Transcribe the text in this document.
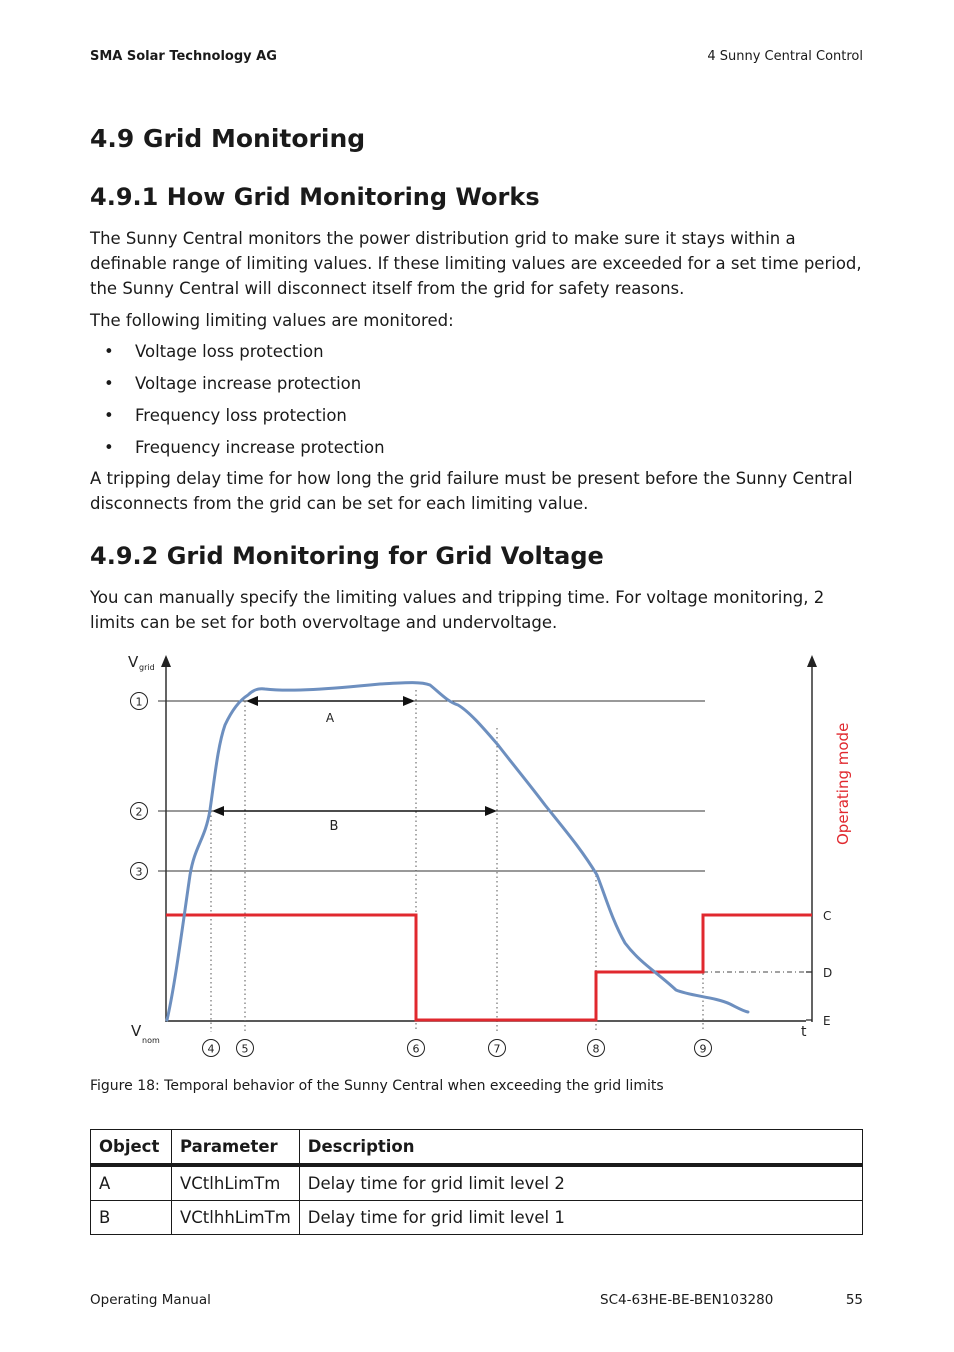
SMA Solar Technology AG	4 Sunny Central Control
4.9 Grid Monitoring
4.9.1 How Grid Monitoring Works

The Sunny Central monitors the power distribution grid to make sure it stays within a definable range of limiting values. If these limiting values are exceeded for a set time period, the Sunny Central will disconnect itself from the grid for safety reasons.

The following limiting values are monitored:

• Voltage loss protection
• Voltage increase protection
• Frequency loss protection
• Frequency increase protection

A tripping delay time for how long the grid failure must be present before the Sunny Central disconnects from the grid can be set for each limiting value.

4.9.2 Grid Monitoring for Grid Voltage

You can manually specify the limiting values and tripping time. For voltage monitoring, 2 limits can be set for both overvoltage and undervoltage.

V grid
V
nom
t
Operating mode
1
2
3
4 5	6	7	8	9
A
B
C
D
E
Figure 18: Temporal behavior of the Sunny Central when exceeding the grid limits
Object	Parameter	Description
A	VCtlhLimTm	Delay time for grid limit level 2
B	VCtlhhLimTm	Delay time for grid limit level 1
Operating Manual	SC4-63HE-BE-BEN103280	55
